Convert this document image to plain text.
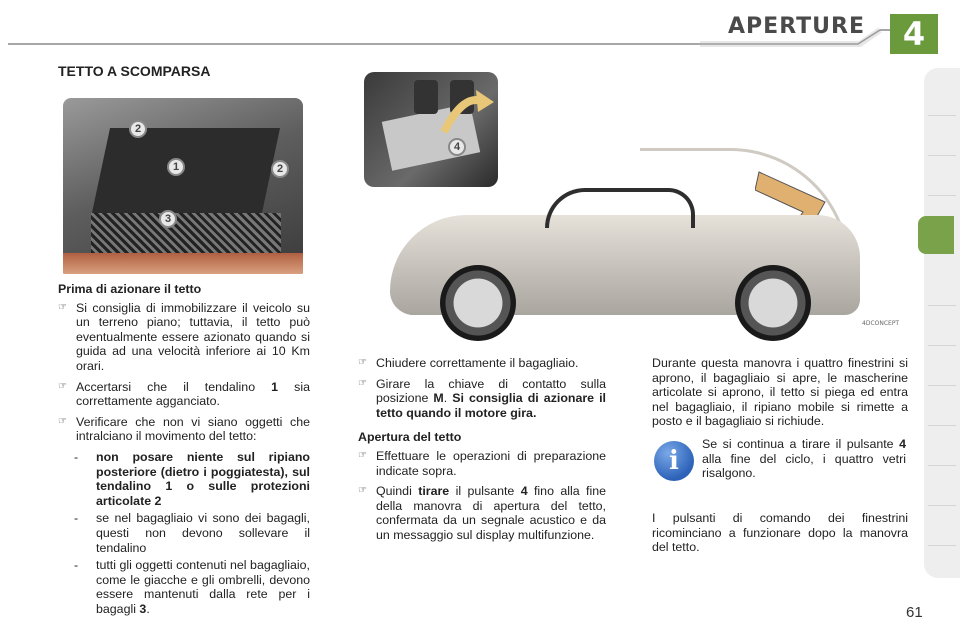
APERTURE	4
TETTO A SCOMPARSA
2
1	2
3
4
4DCONCEPT
Prima di azionare il tetto
☞ Si consiglia di immobilizzare il veicolo su un terreno piano; tuttavia, il tetto può eventualmente essere azionato quando si guida ad una velocità inferiore ai 10 Km orari.
☞ Accertarsi che il tendalino 1 sia correttamente agganciato.
☞ Verificare che non vi siano oggetti che intralciano il movimento del tetto:
- non posare niente sul ripiano posteriore (dietro i poggiatesta), sul tendalino 1 o sulle protezioni articolate 2
- se nel bagagliaio vi sono dei bagagli, questi non devono sollevare il tendalino
- tutti gli oggetti contenuti nel bagagliaio, come le giacche e gli ombrelli, devono essere mantenuti dalla rete per i bagagli 3.
☞ Chiudere correttamente il bagagliaio.
☞ Girare la chiave di contatto sulla posizione M. Si consiglia di azionare il tetto quando il motore gira.
Apertura del tetto
☞ Effettuare le operazioni di preparazione indicate sopra.
☞ Quindi tirare il pulsante 4 fino alla fine della manovra di apertura del tetto, confermata da un segnale acustico e da un messaggio sul display multifunzione.
Durante questa manovra i quattro finestrini si aprono, il bagagliaio si apre, le mascherine articolate si aprono, il tetto si piega ed entra nel bagagliaio, il ripiano mobile si rimette a posto e il bagagliaio si richiude.
i
Se si continua a tirare il pulsante 4 alla fine del ciclo, i quattro vetri risalgono.
I pulsanti di comando dei finestrini ricominciano a funzionare dopo la manovra del tetto.
61
